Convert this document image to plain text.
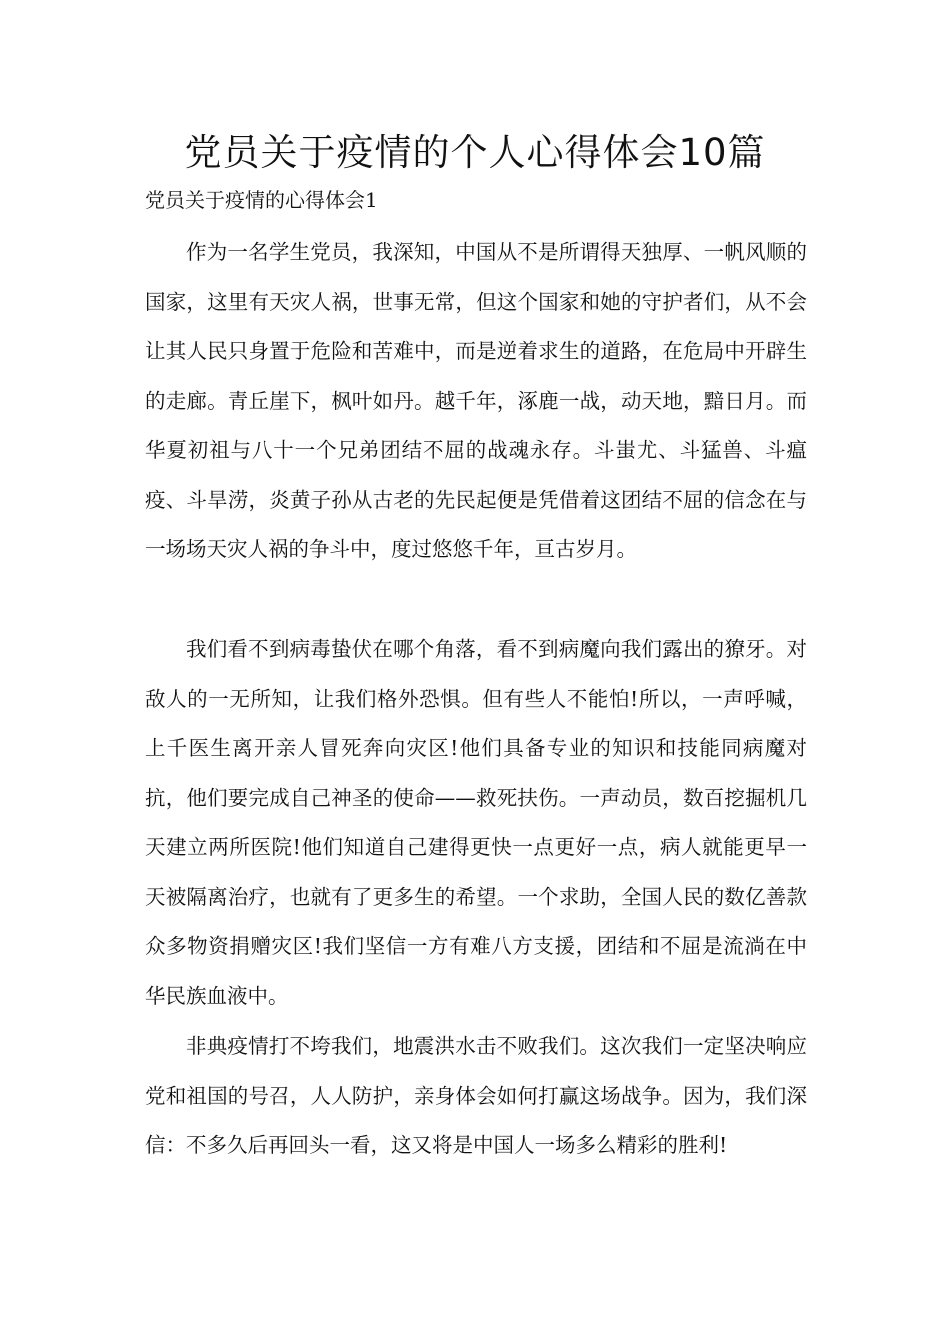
党员关于疫情的个人心得体会10篇
党员关于疫情的心得体会1

作为一名学生党员，我深知，中国从不是所谓得天独厚、一帆风顺的国家，这里有天灾人祸，世事无常，但这个国家和她的守护者们，从不会让其人民只身置于危险和苦难中，而是逆着求生的道路，在危局中开辟生的走廊。青丘崖下，枫叶如丹。越千年，涿鹿一战，动天地，黯日月。而华夏初祖与八十一个兄弟团结不屈的战魂永存。斗蚩尤、斗猛兽、斗瘟疫、斗旱涝，炎黄子孙从古老的先民起便是凭借着这团结不屈的信念在与一场场天灾人祸的争斗中，度过悠悠千年，亘古岁月。

我们看不到病毒蛰伏在哪个角落，看不到病魔向我们露出的獠牙。对敌人的一无所知，让我们格外恐惧。但有些人不能怕!所以，一声呼喊，上千医生离开亲人冒死奔向灾区!他们具备专业的知识和技能同病魔对抗，他们要完成自己神圣的使命——救死扶伤。一声动员，数百挖掘机几天建立两所医院!他们知道自己建得更快一点更好一点，病人就能更早一天被隔离治疗，也就有了更多生的希望。一个求助，全国人民的数亿善款众多物资捐赠灾区!我们坚信一方有难八方支援，团结和不屈是流淌在中华民族血液中。

非典疫情打不垮我们，地震洪水击不败我们。这次我们一定坚决响应党和祖国的号召，人人防护，亲身体会如何打赢这场战争。因为，我们深信：不多久后再回头一看，这又将是中国人一场多么精彩的胜利!
